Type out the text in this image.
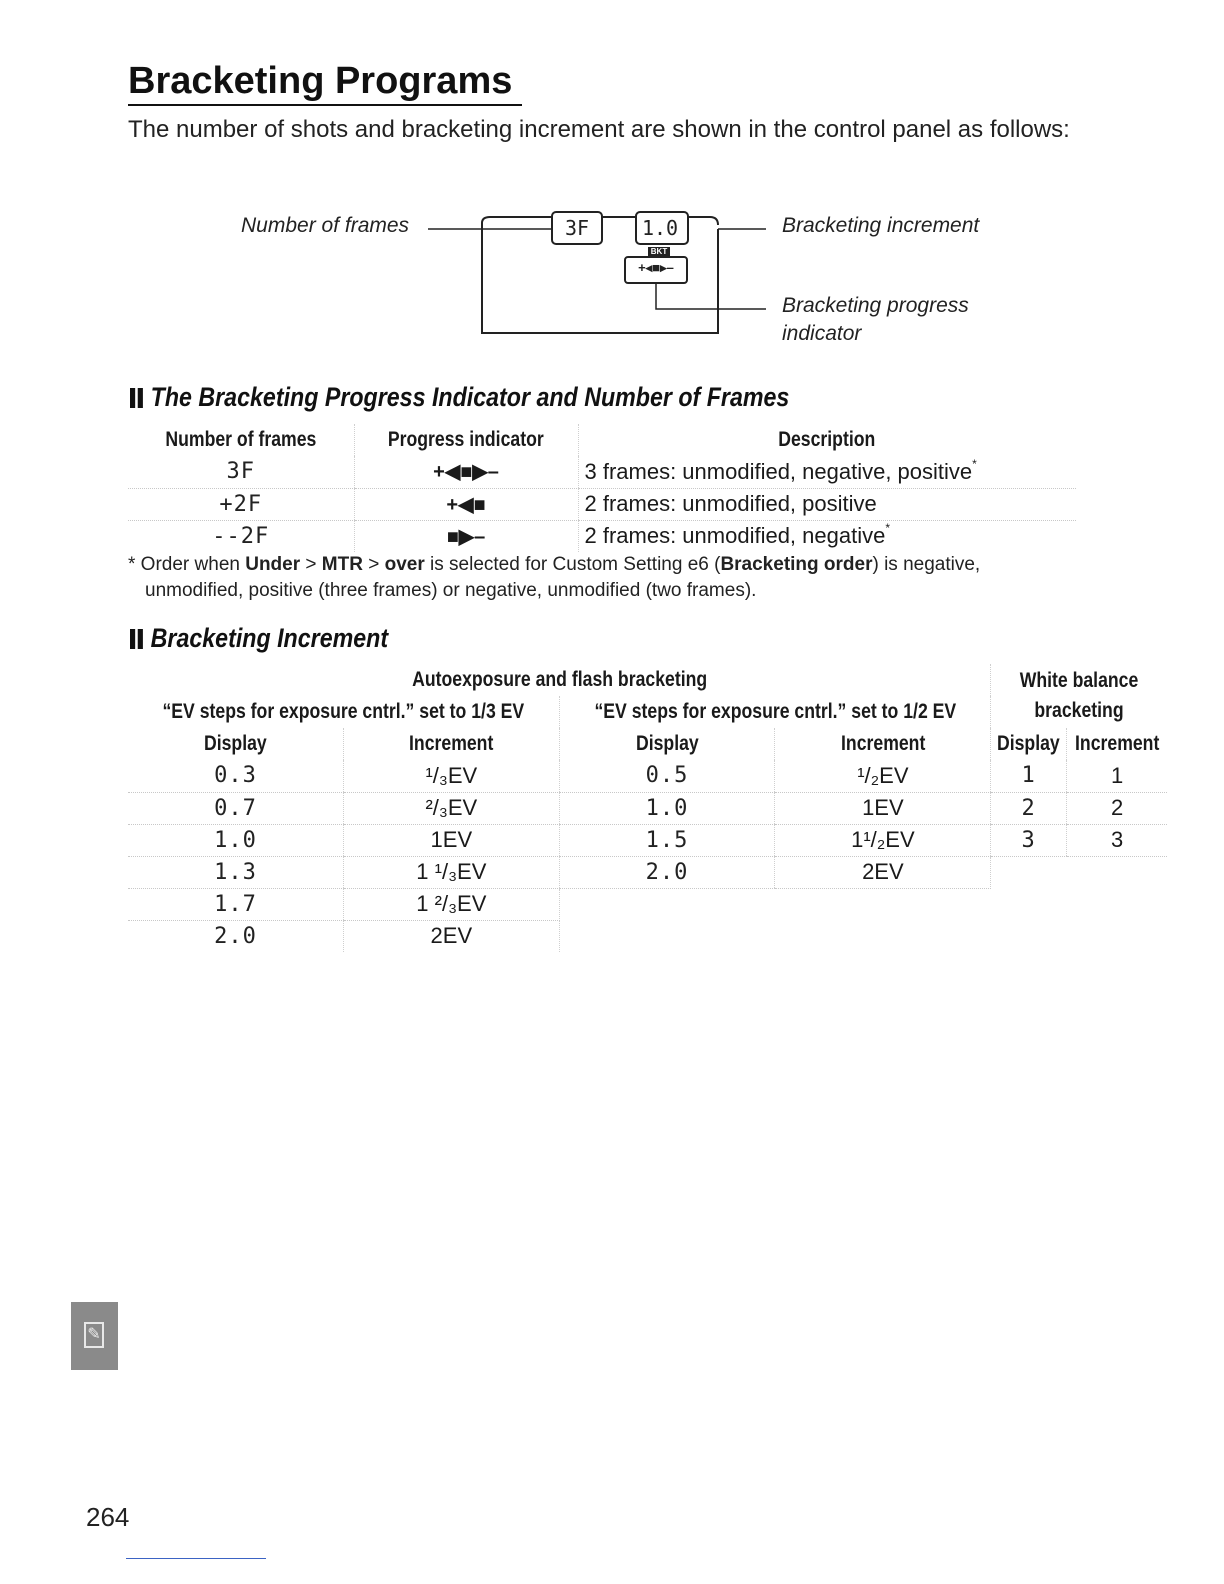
Bracketing Programs
The number of shots and bracketing increment are shown in the control panel as follows:
3F	1.0
BKT
+◂■▸–
Number of frames	Bracketing increment
Bracketing progress indicator
The Bracketing Progress Indicator and Number of Frames
Number of frames	Progress indicator	Description
3F	+◀■▶–	3 frames: unmodified, negative, positive*
+2F	+◀■	2 frames: unmodified, positive
--2F	■▶–	2 frames: unmodified, negative*
* Order when Under > MTR > over is selected for Custom Setting e6 (Bracketing order) is negative,
unmodified, positive (three frames) or negative, unmodified (two frames).
Bracketing Increment
Autoexposure and flash bracketing				White balance bracketing	
“EV steps for exposure cntrl.” set to 1/3 EV		“EV steps for exposure cntrl.” set to 1/2 EV			
Display	Increment	Display	Increment	Display	Increment
0.3	¹/₃EV	0.5	¹/₂EV	1	1
0.7	²/₃EV	1.0	1EV	2	2
1.0	1EV	1.5	1¹/₂EV	3	3
1.3	1 ¹/₃EV	2.0	2EV		
1.7	1 ²/₃EV				
2.0	2EV				
✎
264
